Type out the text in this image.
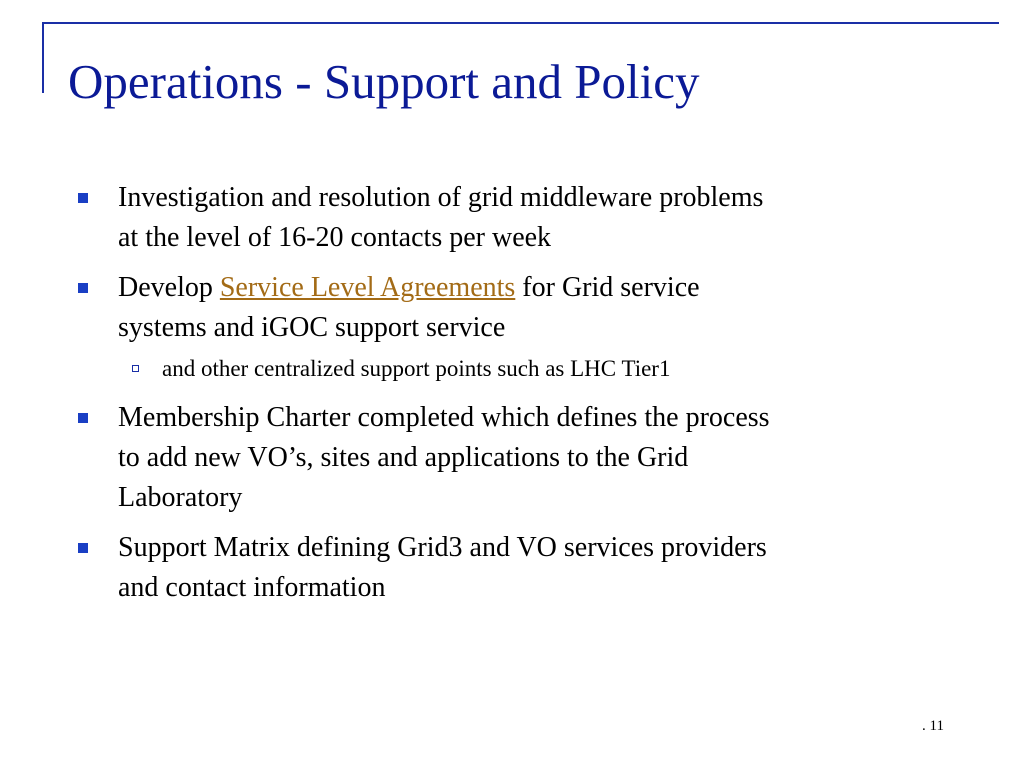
Operations - Support and Policy
Investigation and resolution of grid middleware problems
at the level of 16-20 contacts per week
Develop Service Level Agreements for Grid service
systems and iGOC support service
and other centralized support points such as LHC Tier1
Membership Charter completed which defines the process
to add new VO’s, sites and applications to the Grid
Laboratory
Support Matrix defining Grid3 and VO services providers
and contact information
. 11
